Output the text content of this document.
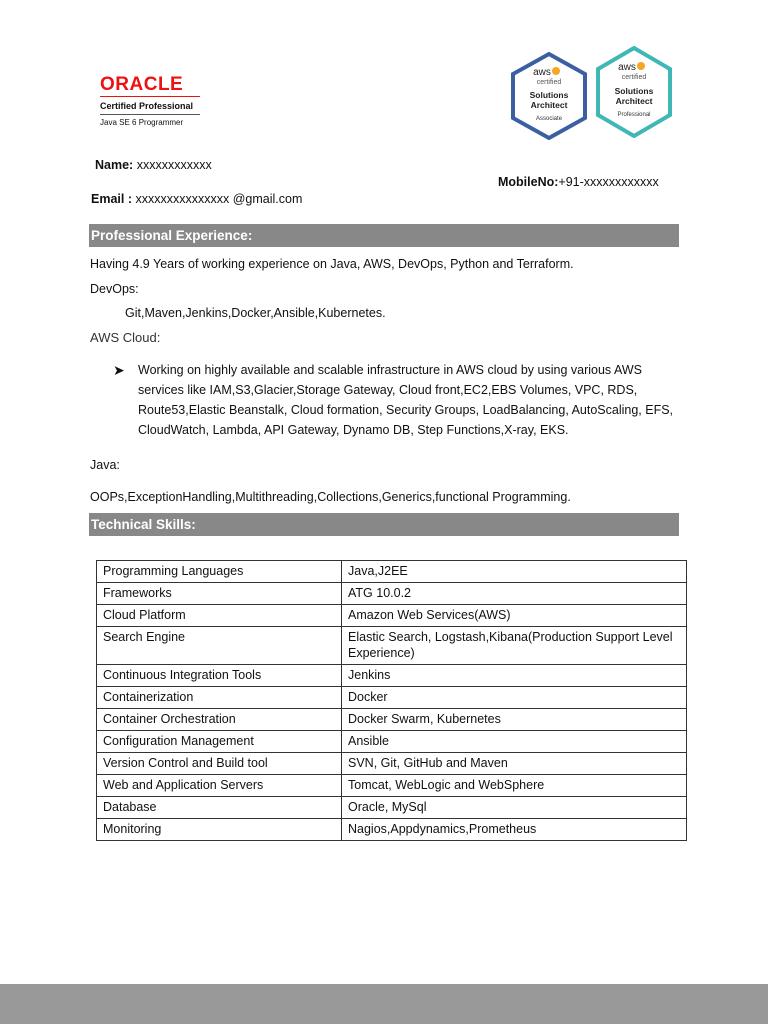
ORACLE
Certified Professional
Java SE 6 Programmer
aws
certified
Solutions
Architect
Associate
aws
certified
Solutions
Architect
Professional
Name: xxxxxxxxxxxx
MobileNo:+91-xxxxxxxxxxxx
Email : xxxxxxxxxxxxxxx @gmail.com
Professional Experience:
Having 4.9 Years of working experience on Java, AWS, DevOps, Python and Terraform.
DevOps:
Git,Maven,Jenkins,Docker,Ansible,Kubernetes.
AWS Cloud:
➤ Working on highly available and scalable infrastructure in AWS cloud by using various AWS
services like IAM,S3,Glacier,Storage Gateway, Cloud front,EC2,EBS Volumes, VPC, RDS,
Route53,Elastic Beanstalk, Cloud formation, Security Groups, LoadBalancing, AutoScaling, EFS,
CloudWatch, Lambda, API Gateway, Dynamo DB, Step Functions,X-ray, EKS.
Java:
OOPs,ExceptionHandling,Multithreading,Collections,Generics,functional Programming.
Technical Skills:
Programming Languages	Java,J2EE
Frameworks	ATG 10.0.2
Cloud Platform	Amazon Web Services(AWS)
Search Engine	Elastic Search, Logstash,Kibana(Production Support Level Experience)
Continuous Integration Tools	Jenkins
Containerization	Docker
Container Orchestration	Docker Swarm, Kubernetes
Configuration Management	Ansible
Version Control and Build tool	SVN, Git, GitHub and Maven
Web and Application Servers	Tomcat, WebLogic and WebSphere
Database	Oracle, MySql
Monitoring	Nagios,Appdynamics,Prometheus
